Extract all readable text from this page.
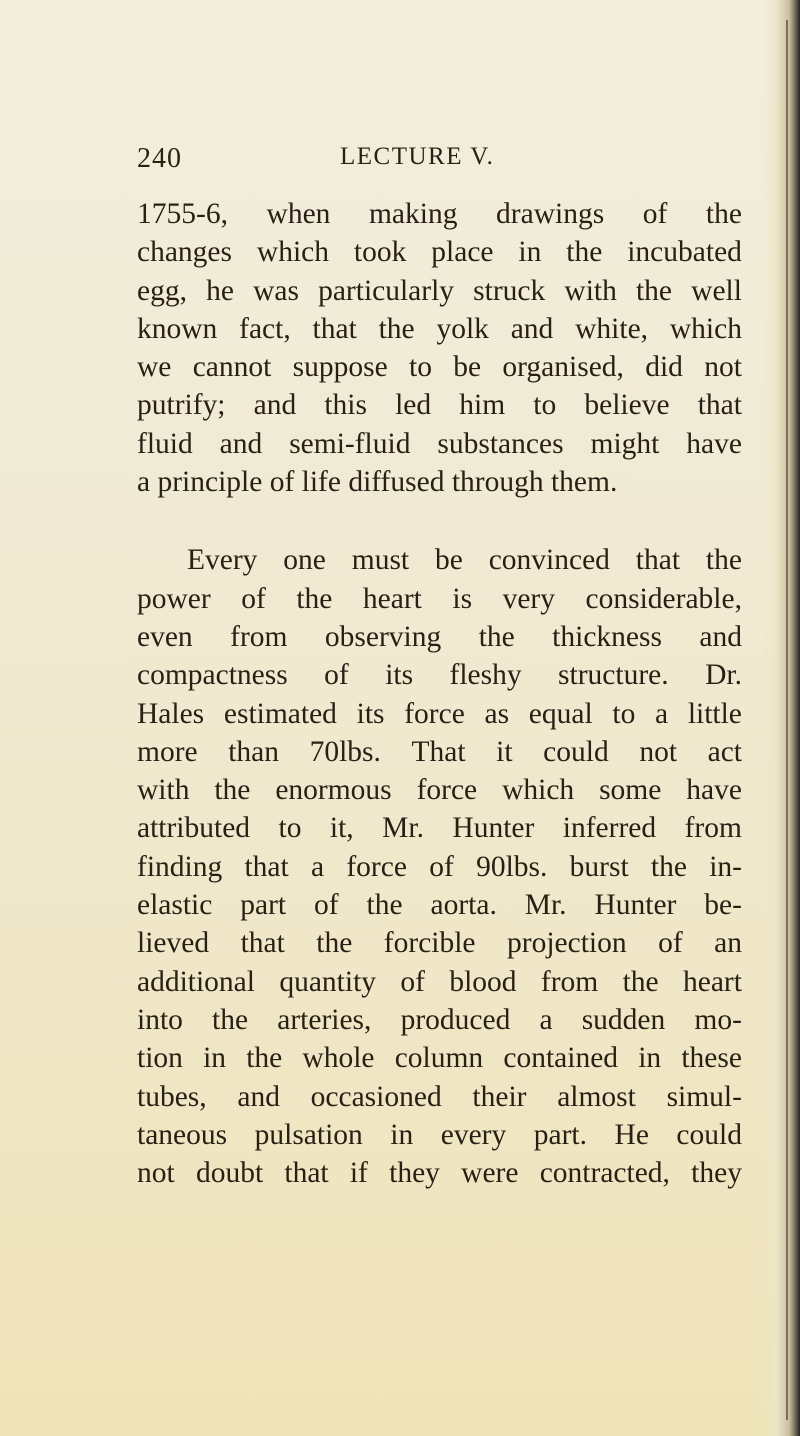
240	LECTURE V.
1755-6, when making drawings of the
changes which took place in the incubated
egg, he was particularly struck with the well
known fact, that the yolk and white, which
we cannot suppose to be organised, did not
putrify; and this led him to believe that
fluid and semi-fluid substances might have
a principle of life diffused through them.
Every one must be convinced that the
power of the heart is very considerable,
even from observing the thickness and
compactness of its fleshy structure. Dr.
Hales estimated its force as equal to a little
more than 70lbs. That it could not act
with the enormous force which some have
attributed to it, Mr. Hunter inferred from
finding that a force of 90lbs. burst the in-
elastic part of the aorta. Mr. Hunter be-
lieved that the forcible projection of an
additional quantity of blood from the heart
into the arteries, produced a sudden mo-
tion in the whole column contained in these
tubes, and occasioned their almost simul-
taneous pulsation in every part. He could
not doubt that if they were contracted, they
